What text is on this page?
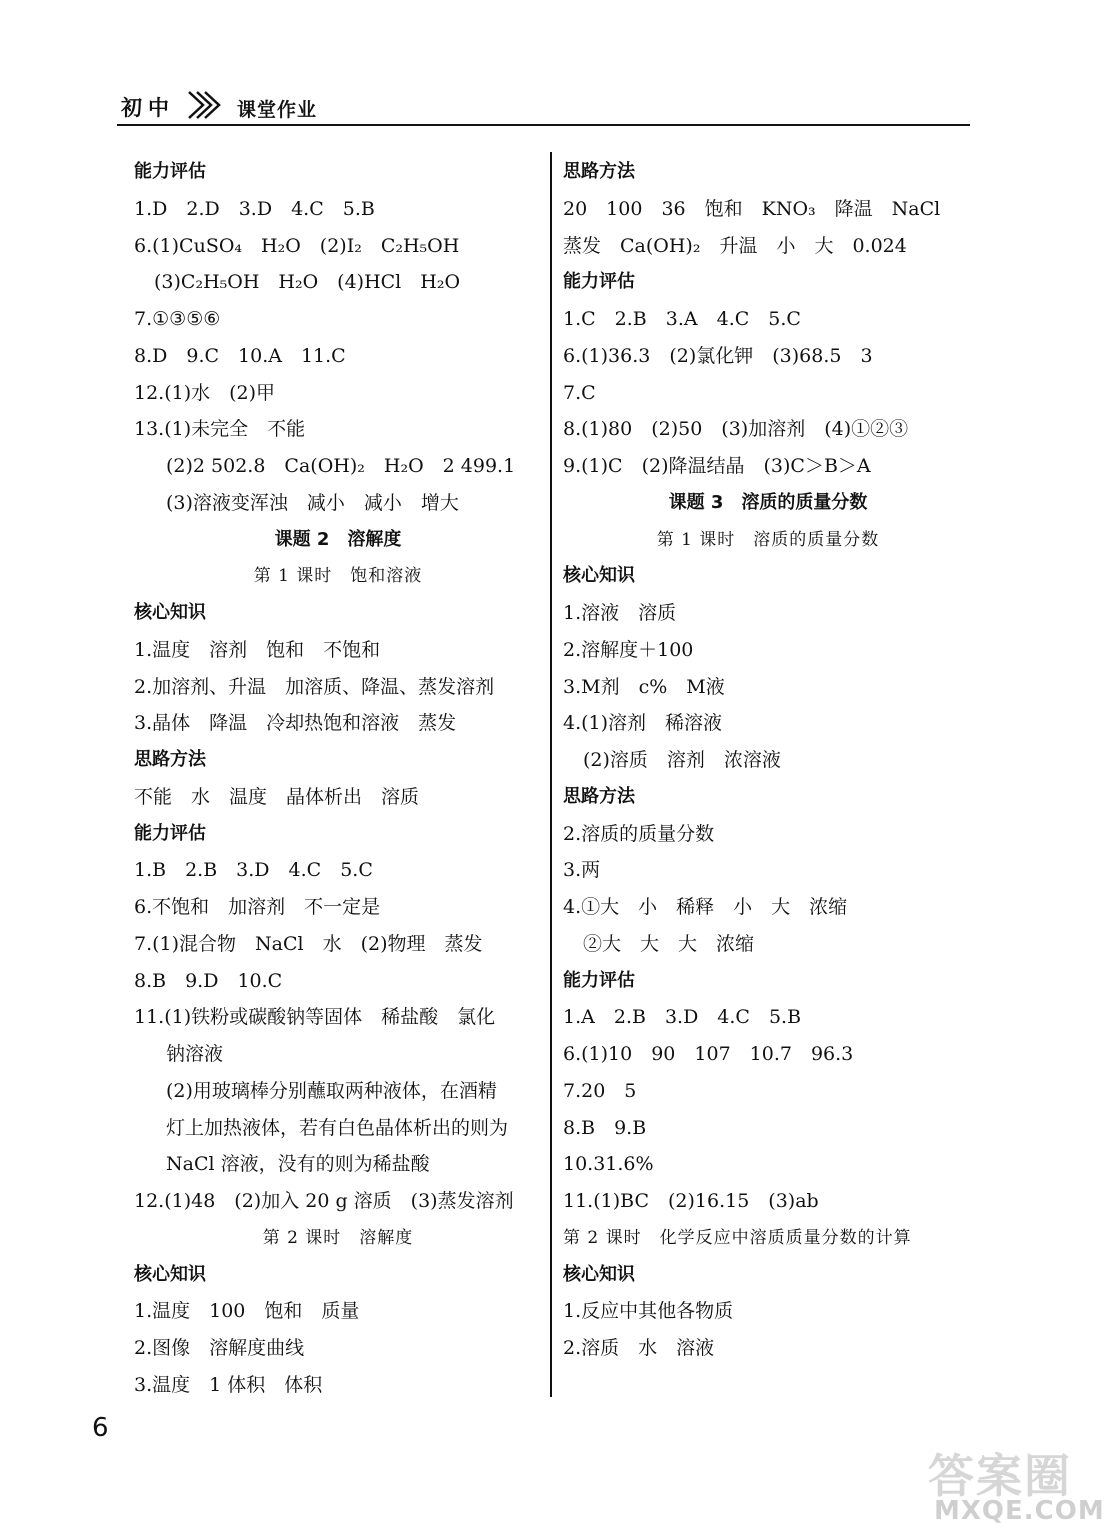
初中	课堂作业
能力评估
1.D　2.D　3.D　4.C　5.B
6.(1)CuSO₄　H₂O　(2)I₂　C₂H₅OH
(3)C₂H₅OH　H₂O　(4)HCl　H₂O
7.①③⑤⑥
8.D　9.C　10.A　11.C
12.(1)水　(2)甲
13.(1)未完全　不能
(2)2 502.8　Ca(OH)₂　H₂O　2 499.1
(3)溶液变浑浊　减小　减小　增大
课题 2　溶解度
第 1 课时　饱和溶液
核心知识
1.温度　溶剂　饱和　不饱和
2.加溶剂、升温　加溶质、降温、蒸发溶剂
3.晶体　降温　冷却热饱和溶液　蒸发
思路方法
不能　水　温度　晶体析出　溶质
能力评估
1.B　2.B　3.D　4.C　5.C
6.不饱和　加溶剂　不一定是
7.(1)混合物　NaCl　水　(2)物理　蒸发
8.B　9.D　10.C
11.(1)铁粉或碳酸钠等固体　稀盐酸　氯化
钠溶液
(2)用玻璃棒分别蘸取两种液体，在酒精
灯上加热液体，若有白色晶体析出的则为
NaCl 溶液，没有的则为稀盐酸
12.(1)48　(2)加入 20 g 溶质　(3)蒸发溶剂
第 2 课时　溶解度
核心知识
1.温度　100　饱和　质量
2.图像　溶解度曲线
3.温度　1 体积　体积
思路方法
20　100　36　饱和　KNO₃　降温　NaCl
蒸发　Ca(OH)₂　升温　小　大　0.024
能力评估
1.C　2.B　3.A　4.C　5.C
6.(1)36.3　(2)氯化钾　(3)68.5　3
7.C
8.(1)80　(2)50　(3)加溶剂　(4)①②③
9.(1)C　(2)降温结晶　(3)C＞B＞A
课题 3　溶质的质量分数
第 1 课时　溶质的质量分数
核心知识
1.溶液　溶质
2.溶解度＋100
3.M剂　c%　M液
4.(1)溶剂　稀溶液
(2)溶质　溶剂　浓溶液
思路方法
2.溶质的质量分数
3.两
4.①大　小　稀释　小　大　浓缩
②大　大　大　浓缩
能力评估
1.A　2.B　3.D　4.C　5.B
6.(1)10　90　107　10.7　96.3
7.20　5
8.B　9.B
10.31.6%
11.(1)BC　(2)16.15　(3)ab
第 2 课时　化学反应中溶质质量分数的计算
核心知识
1.反应中其他各物质
2.溶质　水　溶液
6
答案圈
MXQE.COM
